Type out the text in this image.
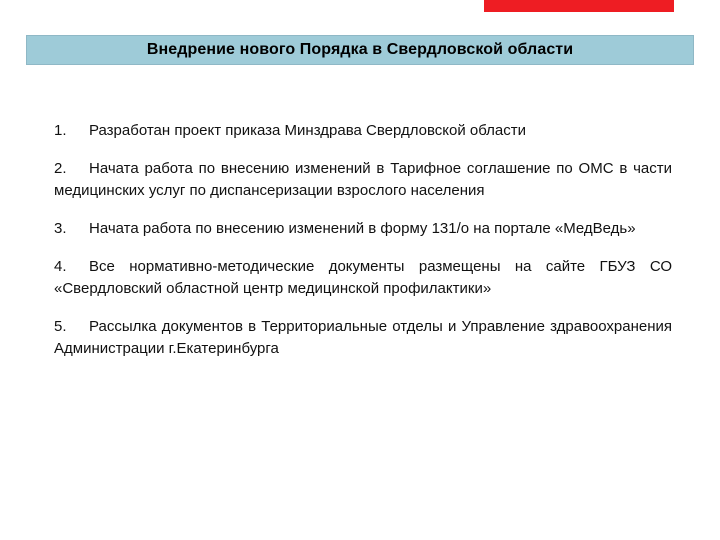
Внедрение нового Порядка в Свердловской области

1. Разработан проект приказа Минздрава Свердловской области

2. Начата работа по внесению изменений в Тарифное соглашение по ОМС в части медицинских услуг по диспансеризации взрослого населения

3. Начата работа по внесению изменений в форму 131/о на портале «МедВедь»

4. Все нормативно-методические документы размещены на сайте ГБУЗ СО «Свердловский областной центр медицинской профилактики»

5. Рассылка документов в Территориальные отделы и Управление здравоохранения Администрации г.Екатеринбурга
